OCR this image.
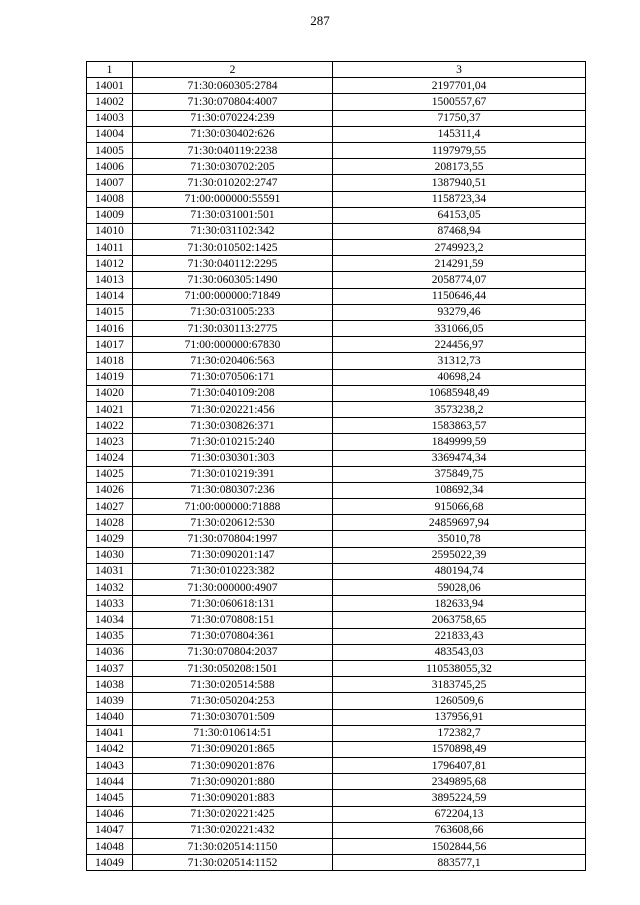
287
1	2	3
14001	71:30:060305:2784	2197701,04
14002	71:30:070804:4007	1500557,67
14003	71:30:070224:239	71750,37
14004	71:30:030402:626	145311,4
14005	71:30:040119:2238	1197979,55
14006	71:30:030702:205	208173,55
14007	71:30:010202:2747	1387940,51
14008	71:00:000000:55591	1158723,34
14009	71:30:031001:501	64153,05
14010	71:30:031102:342	87468,94
14011	71:30:010502:1425	2749923,2
14012	71:30:040112:2295	214291,59
14013	71:30:060305:1490	2058774,07
14014	71:00:000000:71849	1150646,44
14015	71:30:031005:233	93279,46
14016	71:30:030113:2775	331066,05
14017	71:00:000000:67830	224456,97
14018	71:30:020406:563	31312,73
14019	71:30:070506:171	40698,24
14020	71:30:040109:208	10685948,49
14021	71:30:020221:456	3573238,2
14022	71:30:030826:371	1583863,57
14023	71:30:010215:240	1849999,59
14024	71:30:030301:303	3369474,34
14025	71:30:010219:391	375849,75
14026	71:30:080307:236	108692,34
14027	71:00:000000:71888	915066,68
14028	71:30:020612:530	24859697,94
14029	71:30:070804:1997	35010,78
14030	71:30:090201:147	2595022,39
14031	71:30:010223:382	480194,74
14032	71:30:000000:4907	59028,06
14033	71:30:060618:131	182633,94
14034	71:30:070808:151	2063758,65
14035	71:30:070804:361	221833,43
14036	71:30:070804:2037	483543,03
14037	71:30:050208:1501	110538055,32
14038	71:30:020514:588	3183745,25
14039	71:30:050204:253	1260509,6
14040	71:30:030701:509	137956,91
14041	71:30:010614:51	172382,7
14042	71:30:090201:865	1570898,49
14043	71:30:090201:876	1796407,81
14044	71:30:090201:880	2349895,68
14045	71:30:090201:883	3895224,59
14046	71:30:020221:425	672204,13
14047	71:30:020221:432	763608,66
14048	71:30:020514:1150	1502844,56
14049	71:30:020514:1152	883577,1
